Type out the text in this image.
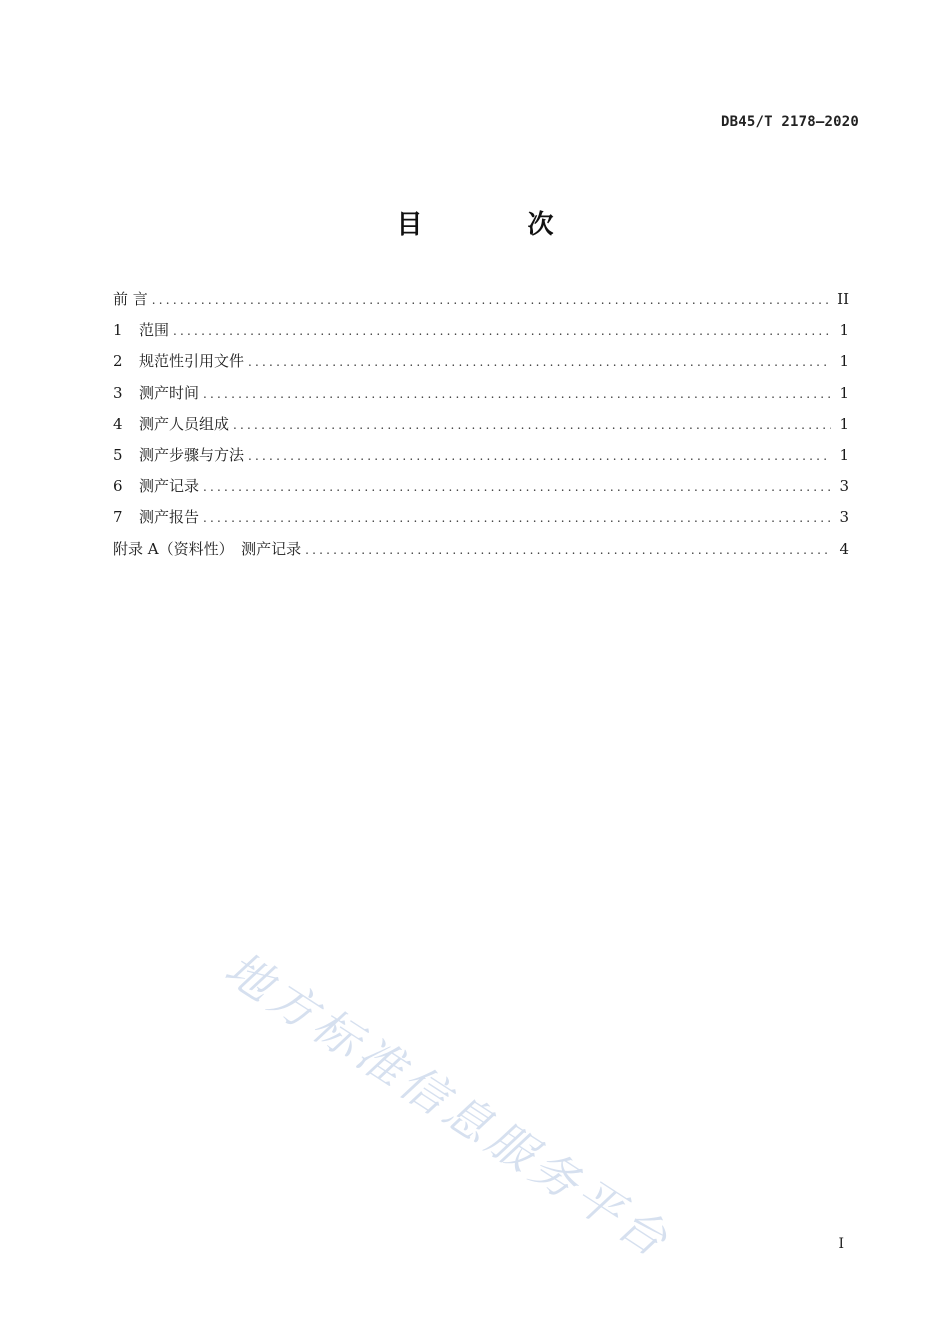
DB45/T 2178—2020
目 次
前 言 .....	II
1 范围 .....	1
2 规范性引用文件 .....	1
3 测产时间 .....	1
4 测产人员组成 .....	1
5 测产步骤与方法 .....	1
6 测产记录 .....	3
7 测产报告 .....	3
附录 A（资料性）　测产记录 .....	4
地方标准信息服务平台	I
